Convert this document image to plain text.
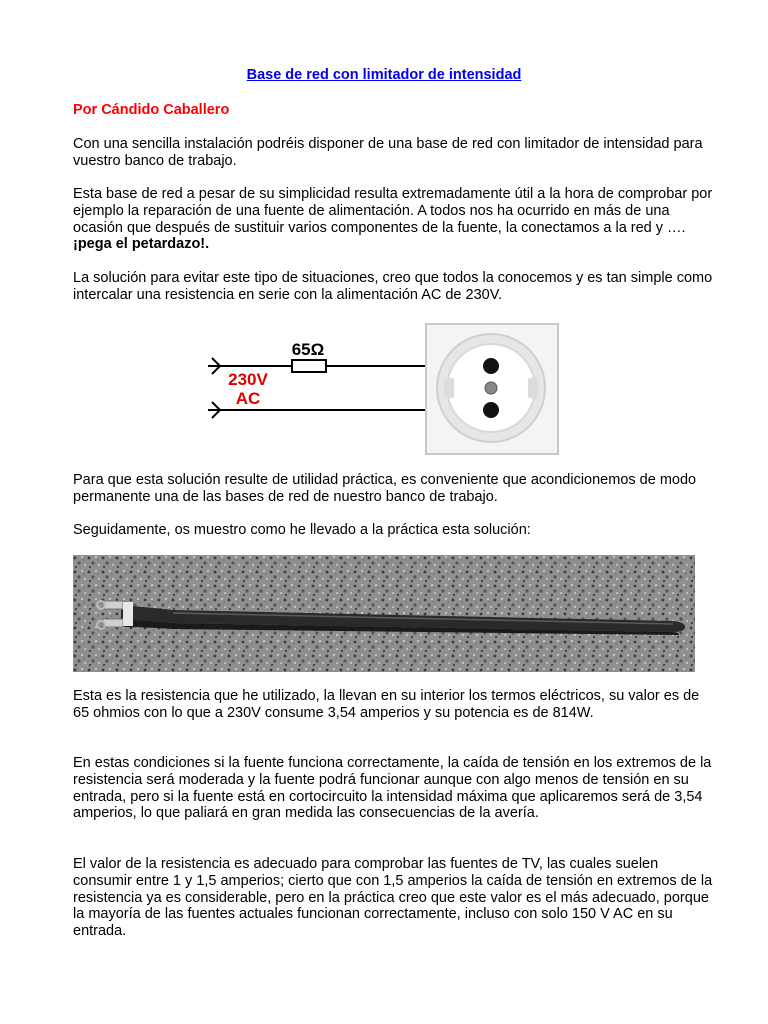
Base de red con limitador de intensidad
Por Cándido Caballero

Con una sencilla instalación podréis disponer de una base de red con limitador de intensidad para vuestro banco de trabajo.

Esta base de red a pesar de su simplicidad resulta extremadamente útil a la hora de comprobar por ejemplo la reparación de una fuente de alimentación. A todos nos ha ocurrido en más de una ocasión que después de sustituir varios componentes de la fuente, la conectamos a la red y …. ¡pega el petardazo!.

La solución para evitar este tipo de situaciones, creo que todos la conocemos y es tan simple como intercalar una resistencia en serie con la alimentación AC de 230V.

65Ω
230V
AC

Para que esta solución resulte de utilidad práctica, es conveniente que acondicionemos de modo permanente una de las bases de red de nuestro banco de trabajo.

Seguidamente, os muestro como he llevado a la práctica esta solución:

Esta es la resistencia que he utilizado, la llevan en su interior los termos eléctricos, su valor es de 65 ohmios con lo que a 230V consume 3,54 amperios y su potencia es de 814W.

En estas condiciones si la fuente funciona correctamente, la caída de tensión en los extremos de la resistencia será moderada y la fuente podrá funcionar aunque con algo menos de tensión en su entrada, pero si la fuente está en cortocircuito la intensidad máxima que aplicaremos será de 3,54 amperios, lo que paliará en gran medida las consecuencias de la avería.

El valor de la resistencia es adecuado para comprobar las fuentes de TV, las cuales suelen consumir entre 1 y 1,5 amperios; cierto que con 1,5 amperios la caída de tensión en extremos de la resistencia ya es considerable, pero en la práctica creo que este valor es el más adecuado, porque la mayoría de las fuentes actuales funcionan correctamente, incluso con solo 150 V AC en su entrada.
